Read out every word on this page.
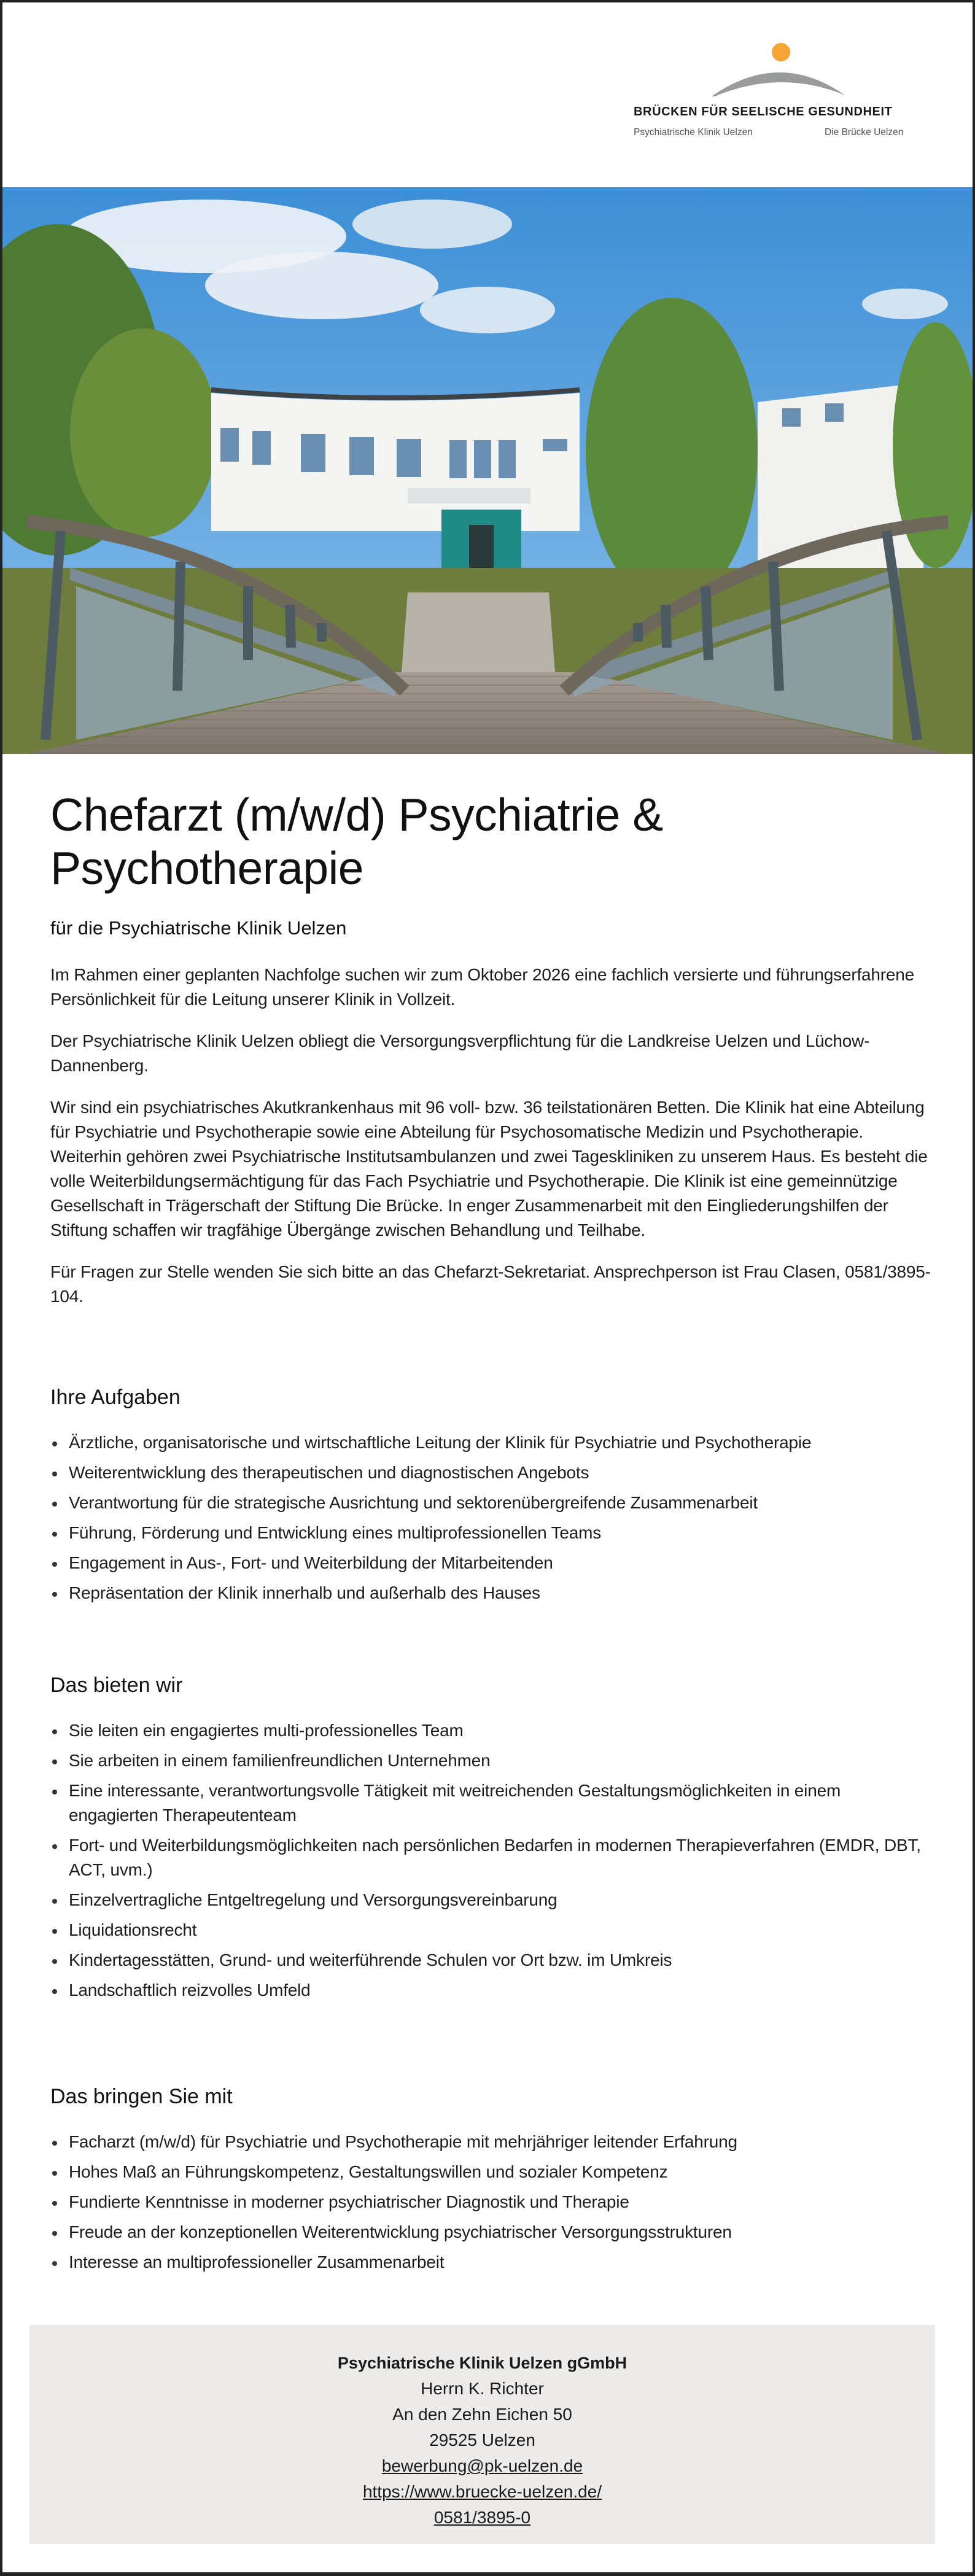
BRÜCKEN FÜR SEELISCHE GESUNDHEIT
Psychiatrische Klinik Uelzen	Die Brücke Uelzen
Chefarzt (m/w/d) Psychiatrie & Psychotherapie

für die Psychiatrische Klinik Uelzen

Im Rahmen einer geplanten Nachfolge suchen wir zum Oktober 2026 eine fachlich versierte und führungserfahrene Persönlichkeit für die Leitung unserer Klinik in Vollzeit.

Der Psychiatrische Klinik Uelzen obliegt die Versorgungsverpflichtung für die Landkreise Uelzen und Lüchow-Dannenberg.

Wir sind ein psychiatrisches Akutkrankenhaus mit 96 voll- bzw. 36 teilstationären Betten. Die Klinik hat eine Abteilung für Psychiatrie und Psychotherapie sowie eine Abteilung für Psychosomatische Medizin und Psychotherapie. Weiterhin gehören zwei Psychiatrische Institutsambulanzen und zwei Tageskliniken zu unserem Haus. Es besteht die volle Weiterbildungsermächtigung für das Fach Psychiatrie und Psychotherapie. Die Klinik ist eine gemeinnützige Gesellschaft in Trägerschaft der Stiftung Die Brücke. In enger Zusammenarbeit mit den Eingliederungshilfen der Stiftung schaffen wir tragfähige Übergänge zwischen Behandlung und Teilhabe.

Für Fragen zur Stelle wenden Sie sich bitte an das Chefarzt-Sekretariat. Ansprechperson ist Frau Clasen, 0581/3895-104.

Ihre Aufgaben
Ärztliche, organisatorische und wirtschaftliche Leitung der Klinik für Psychiatrie und Psychotherapie
Weiterentwicklung des therapeutischen und diagnostischen Angebots
Verantwortung für die strategische Ausrichtung und sektorenübergreifende Zusammenarbeit
Führung, Förderung und Entwicklung eines multiprofessionellen Teams
Engagement in Aus-, Fort- und Weiterbildung der Mitarbeitenden
Repräsentation der Klinik innerhalb und außerhalb des Hauses
Das bieten wir
Sie leiten ein engagiertes multi-professionelles Team
Sie arbeiten in einem familienfreundlichen Unternehmen
Eine interessante, verantwortungsvolle Tätigkeit mit weitreichenden Gestaltungsmöglichkeiten in einem engagierten Therapeutenteam
Fort- und Weiterbildungsmöglichkeiten nach persönlichen Bedarfen in modernen Therapieverfahren (EMDR, DBT, ACT, uvm.)
Einzelvertragliche Entgeltregelung und Versorgungsvereinbarung
Liquidationsrecht
Kindertagesstätten, Grund- und weiterführende Schulen vor Ort bzw. im Umkreis
Landschaftlich reizvolles Umfeld
Das bringen Sie mit
Facharzt (m/w/d) für Psychiatrie und Psychotherapie mit mehrjähriger leitender Erfahrung
Hohes Maß an Führungskompetenz, Gestaltungswillen und sozialer Kompetenz
Fundierte Kenntnisse in moderner psychiatrischer Diagnostik und Therapie
Freude an der konzeptionellen Weiterentwicklung psychiatrischer Versorgungsstrukturen
Interesse an multiprofessioneller Zusammenarbeit
Psychiatrische Klinik Uelzen gGmbH
Herrn K. Richter
An den Zehn Eichen 50
29525 Uelzen
bewerbung@pk-uelzen.de
https://www.bruecke-uelzen.de/
0581/3895-0
